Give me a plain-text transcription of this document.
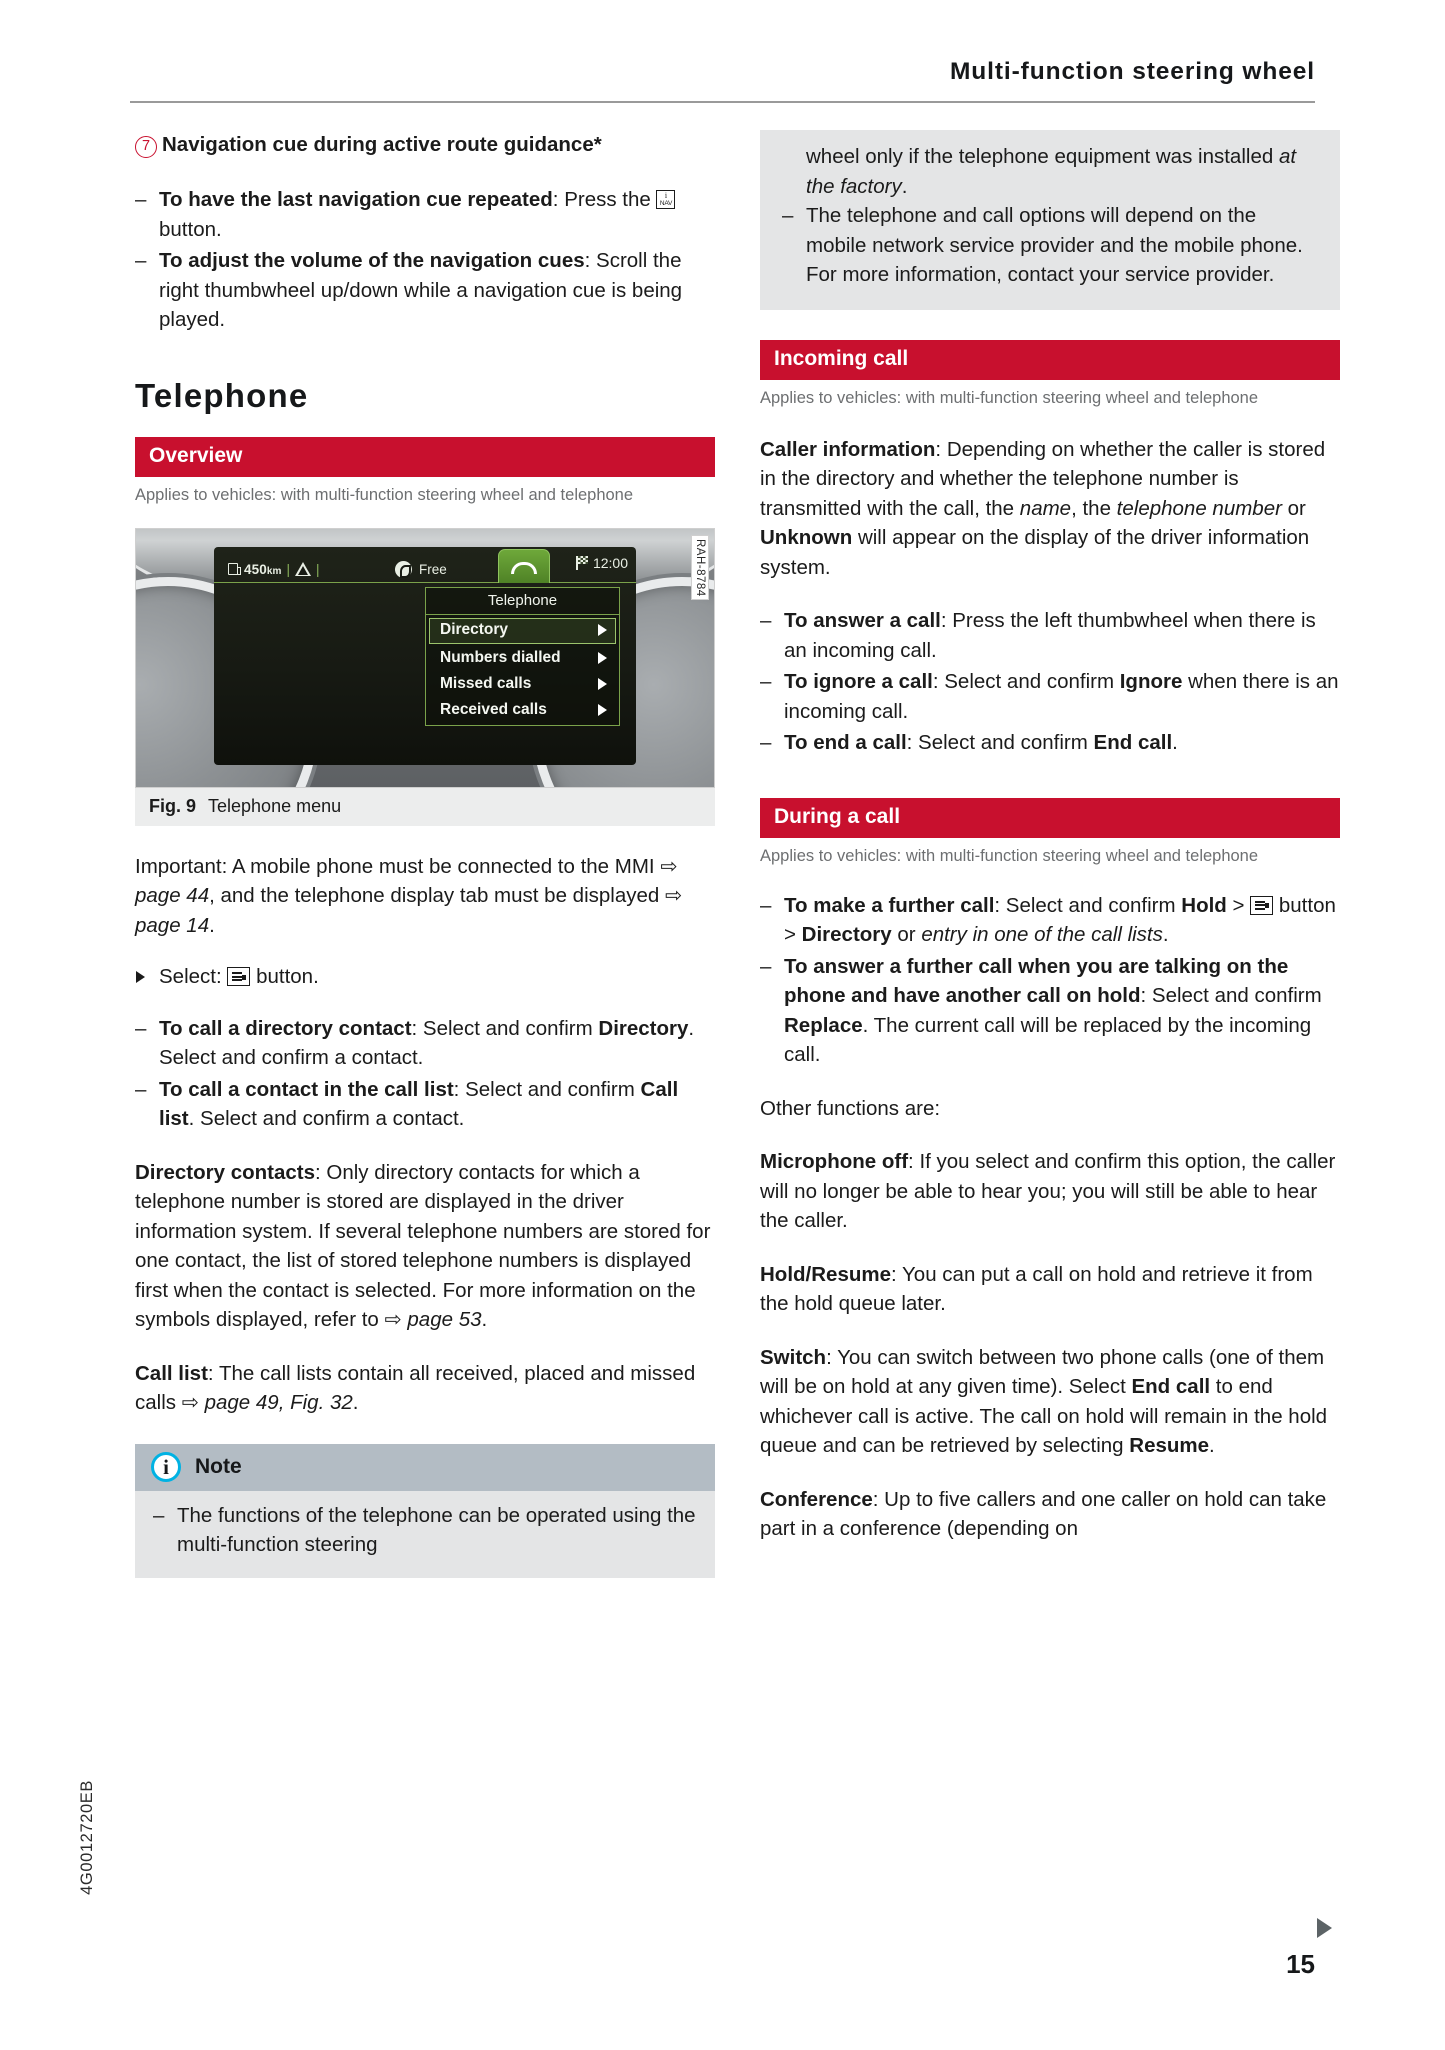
Multi-function steering wheel
7 Navigation cue during active route guidance*
– To have the last navigation cue repeated: Press the	i
NAV
button.
– To adjust the volume of the navigation cues: Scroll the right thumbwheel up/down while a navigation cue is being played.
Telephone
Overview
Applies to vehicles: with multi-function steering wheel and telephone
450km | |	Free	12:00
Telephone
Directory
Numbers dialled
Missed calls
Received calls
RAH-8784
Fig. 9 Telephone menu

Important: A mobile phone must be connected to the MMI ⇨ page 44, and the telephone display tab must be displayed ⇨ page 14.

Select:
button.
– To call a directory contact: Select and confirm Directory. Select and confirm a contact.
– To call a contact in the call list: Select and confirm Call list. Select and confirm a contact.

Directory contacts: Only directory contacts for which a telephone number is stored are displayed in the driver information system. If several telephone numbers are stored for one contact, the list of stored telephone numbers is displayed first when the contact is selected. For more information on the symbols displayed, refer to ⇨ page 53.

Call list: The call lists contain all received, placed and missed calls ⇨ page 49, Fig. 32.

i	Note
– The functions of the telephone can be operated using the multi-function steering
wheel only if the telephone equipment was installed at the factory.
– The telephone and call options will depend on the mobile network service provider and the mobile phone. For more information, contact your service provider.
Incoming call
Applies to vehicles: with multi-function steering wheel and telephone

Caller information: Depending on whether the caller is stored in the directory and whether the telephone number is transmitted with the call, the name, the telephone number or Unknown will appear on the display of the driver information system.

– To answer a call: Press the left thumbwheel when there is an incoming call.
– To ignore a call: Select and confirm Ignore when there is an incoming call.
– To end a call: Select and confirm End call.
During a call
Applies to vehicles: with multi-function steering wheel and telephone
– To make a further call: Select and confirm Hold >
button > Directory or entry in one of the call lists.
– To answer a further call when you are talking on the phone and have another call on hold: Select and confirm Replace. The current call will be replaced by the incoming call.

Other functions are:

Microphone off: If you select and confirm this option, the caller will no longer be able to hear you; you will still be able to hear the caller.

Hold/Resume: You can put a call on hold and retrieve it from the hold queue later.

Switch: You can switch between two phone calls (one of them will be on hold at any given time). Select End call to end whichever call is active. The call on hold will remain in the hold queue and can be retrieved by selecting Resume.

Conference: Up to five callers and one caller on hold can take part in a conference (depending on

4G0012720EB
15
